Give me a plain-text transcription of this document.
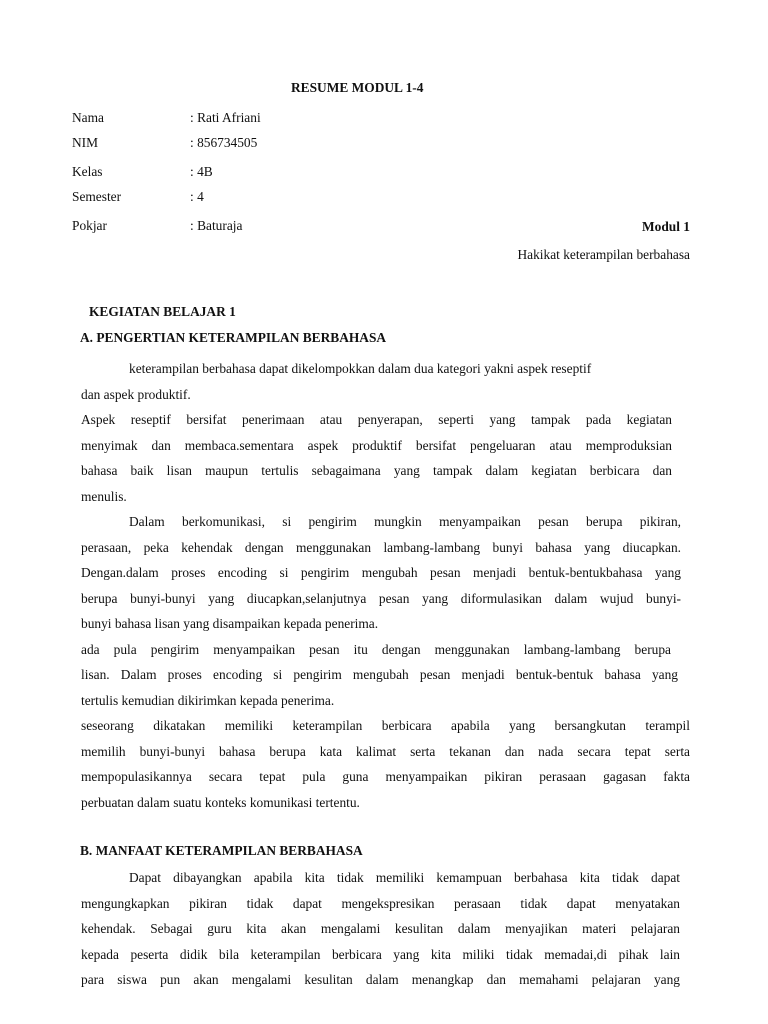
RESUME MODUL 1-4
Nama	: Rati Afriani
NIM	: 856734505
Kelas	: 4B
Semester	: 4
Pokjar	: Baturaja	Modul 1
Hakikat keterampilan berbahasa
KEGIATAN BELAJAR 1
A. PENGERTIAN KETERAMPILAN BERBAHASA
keterampilan berbahasa dapat dikelompokkan dalam dua kategori yakni aspek reseptif
dan aspek produktif.
Aspek reseptif bersifat penerimaan atau penyerapan, seperti yang tampak pada kegiatan
menyimak dan membaca.sementara aspek produktif bersifat pengeluaran atau memproduksian
bahasa baik lisan maupun tertulis sebagaimana yang tampak dalam kegiatan berbicara dan
menulis.
Dalam berkomunikasi, si pengirim mungkin menyampaikan pesan berupa pikiran,
perasaan, peka kehendak dengan menggunakan lambang-lambang bunyi bahasa yang diucapkan.
Dengan.dalam proses encoding si pengirim mengubah pesan menjadi bentuk-bentukbahasa yang
berupa bunyi-bunyi yang diucapkan,selanjutnya pesan yang diformulasikan dalam wujud bunyi-
bunyi bahasa lisan yang disampaikan kepada penerima.
ada pula pengirim menyampaikan pesan itu dengan menggunakan lambang-lambang berupa
lisan. Dalam proses encoding si pengirim mengubah pesan menjadi bentuk-bentuk bahasa yang
tertulis kemudian dikirimkan kepada penerima.
seseorang dikatakan memiliki keterampilan berbicara apabila yang bersangkutan terampil
memilih bunyi-bunyi bahasa berupa kata kalimat serta tekanan dan nada secara tepat serta
mempopulasikannya secara tepat pula guna menyampaikan pikiran perasaan gagasan fakta
perbuatan dalam suatu konteks komunikasi tertentu.
B. MANFAAT KETERAMPILAN BERBAHASA
Dapat dibayangkan apabila kita tidak memiliki kemampuan berbahasa kita tidak dapat
mengungkapkan pikiran tidak dapat mengekspresikan perasaan tidak dapat menyatakan
kehendak. Sebagai guru kita akan mengalami kesulitan dalam menyajikan materi pelajaran
kepada peserta didik bila keterampilan berbicara yang kita miliki tidak memadai,di pihak lain
para siswa pun akan mengalami kesulitan dalam menangkap dan memahami pelajaran yang
